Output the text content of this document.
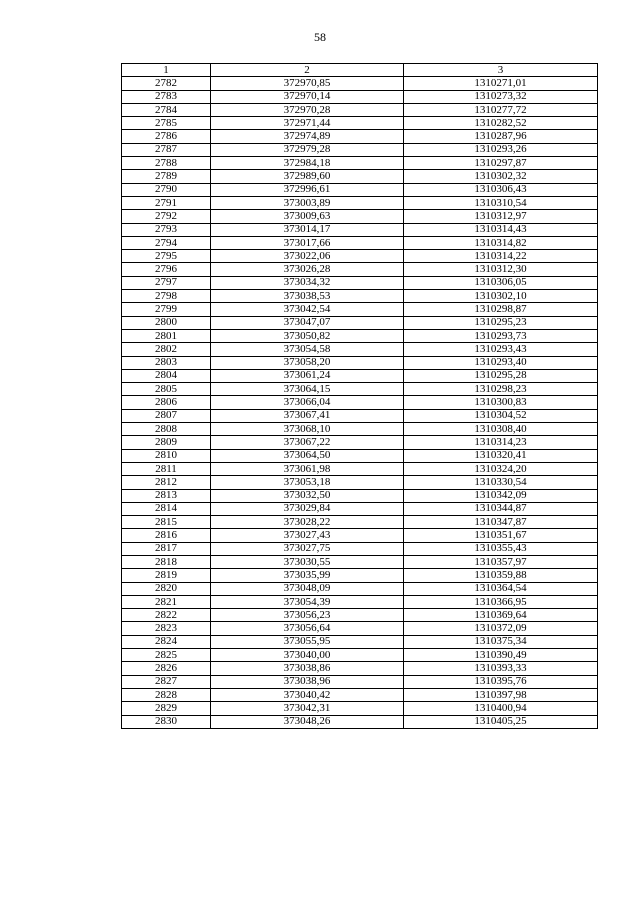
58
1	2	3
2782	372970,85	1310271,01
2783	372970,14	1310273,32
2784	372970,28	1310277,72
2785	372971,44	1310282,52
2786	372974,89	1310287,96
2787	372979,28	1310293,26
2788	372984,18	1310297,87
2789	372989,60	1310302,32
2790	372996,61	1310306,43
2791	373003,89	1310310,54
2792	373009,63	1310312,97
2793	373014,17	1310314,43
2794	373017,66	1310314,82
2795	373022,06	1310314,22
2796	373026,28	1310312,30
2797	373034,32	1310306,05
2798	373038,53	1310302,10
2799	373042,54	1310298,87
2800	373047,07	1310295,23
2801	373050,82	1310293,73
2802	373054,58	1310293,43
2803	373058,20	1310293,40
2804	373061,24	1310295,28
2805	373064,15	1310298,23
2806	373066,04	1310300,83
2807	373067,41	1310304,52
2808	373068,10	1310308,40
2809	373067,22	1310314,23
2810	373064,50	1310320,41
2811	373061,98	1310324,20
2812	373053,18	1310330,54
2813	373032,50	1310342,09
2814	373029,84	1310344,87
2815	373028,22	1310347,87
2816	373027,43	1310351,67
2817	373027,75	1310355,43
2818	373030,55	1310357,97
2819	373035,99	1310359,88
2820	373048,09	1310364,54
2821	373054,39	1310366,95
2822	373056,23	1310369,64
2823	373056,64	1310372,09
2824	373055,95	1310375,34
2825	373040,00	1310390,49
2826	373038,86	1310393,33
2827	373038,96	1310395,76
2828	373040,42	1310397,98
2829	373042,31	1310400,94
2830	373048,26	1310405,25
